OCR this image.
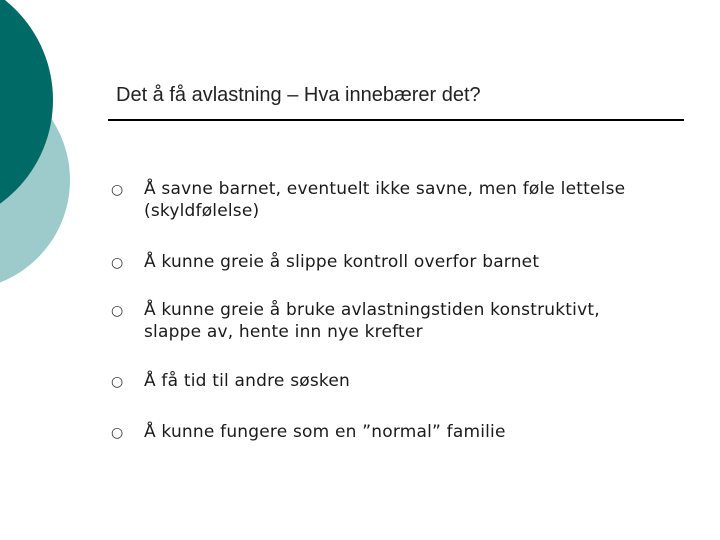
Det å få avlastning – Hva innebærer det?
○	Å savne barnet, eventuelt ikke savne, men føle lettelse (skyldfølelse)
○	Å kunne greie å slippe kontroll overfor barnet
○	Å kunne greie å bruke avlastningstiden konstruktivt, slappe av, hente inn nye krefter
○	Å få tid til andre søsken
○	Å kunne fungere som en ”normal” familie
